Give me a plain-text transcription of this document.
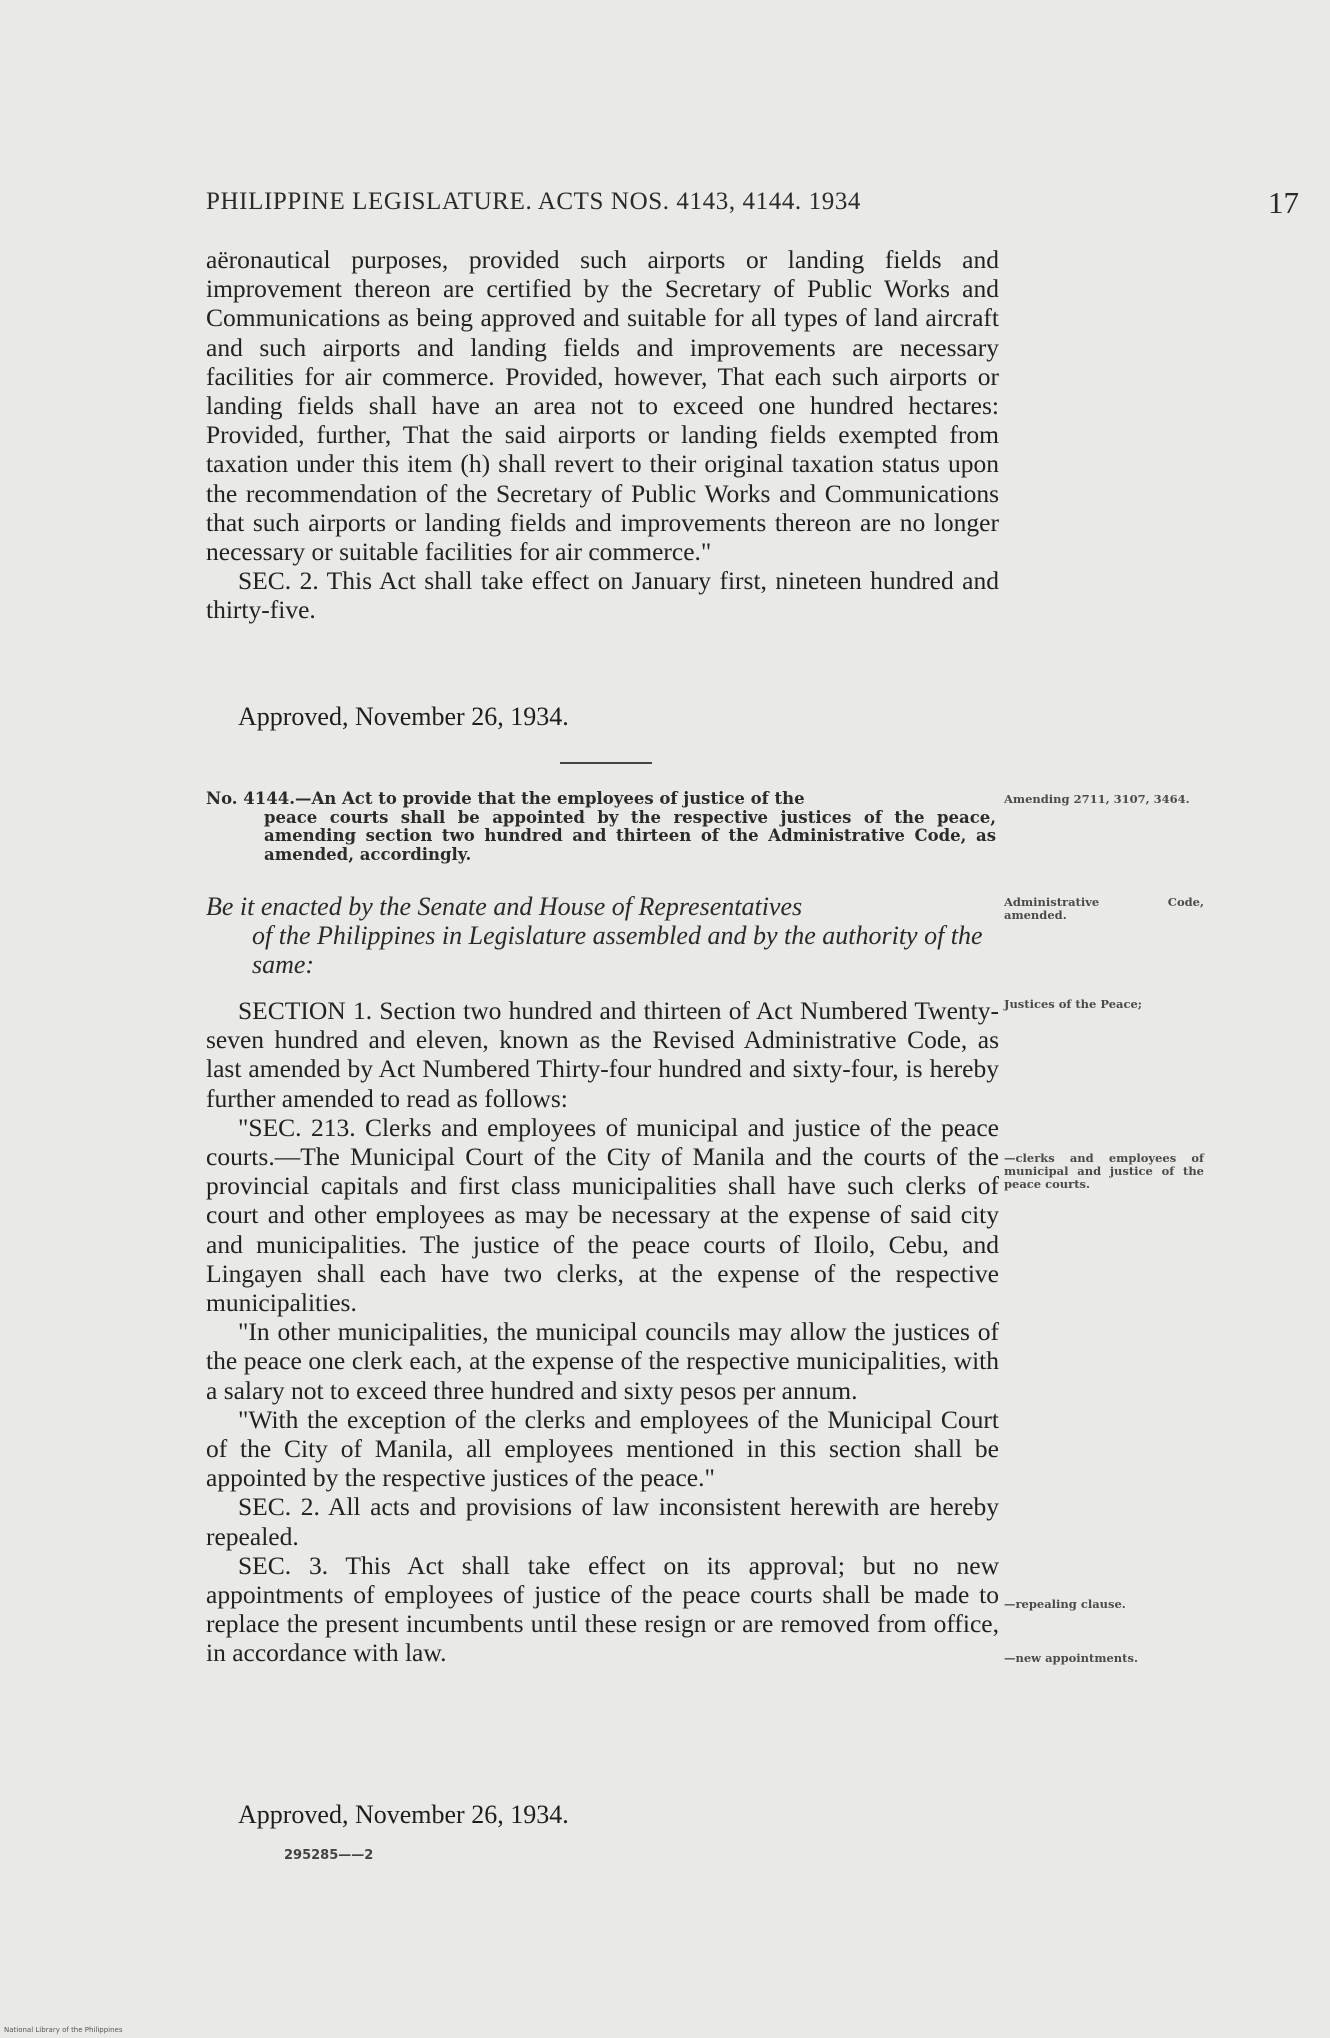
PHILIPPINE LEGISLATURE. ACTS NOS. 4143, 4144. 1934	17

aëronautical purposes, provided such airports or landing fields and improvement thereon are certified by the Secretary of Public Works and Communications as being approved and suitable for all types of land aircraft and such airports and landing fields and improvements are necessary facilities for air commerce. Provided, however, That each such airports or landing fields shall have an area not to exceed one hundred hectares: Provided, further, That the said airports or landing fields exempted from taxation under this item (h) shall revert to their original taxation status upon the recommendation of the Secretary of Public Works and Communications that such airports or landing fields and improvements thereon are no longer necessary or suitable facilities for air commerce."

SEC. 2. This Act shall take effect on January first, nineteen hundred and thirty-five.

Approved, November 26, 1934.
No. 4144.—An Act to provide that the employees of justice of the
peace courts shall be appointed by the respective justices of the peace, amending section two hundred and thirteen of the Administrative Code, as amended, accordingly.
Be it enacted by the Senate and House of Representatives
of the Philippines in Legislature assembled and by the authority of the same:

SECTION 1. Section two hundred and thirteen of Act Numbered Twenty-seven hundred and eleven, known as the Revised Administrative Code, as last amended by Act Numbered Thirty-four hundred and sixty-four, is hereby further amended to read as follows:

"SEC. 213. Clerks and employees of municipal and justice of the peace courts.—The Municipal Court of the City of Manila and the courts of the provincial capitals and first class municipalities shall have such clerks of court and other employees as may be necessary at the expense of said city and municipalities. The justice of the peace courts of Iloilo, Cebu, and Lingayen shall each have two clerks, at the expense of the respective municipalities.

"In other municipalities, the municipal councils may allow the justices of the peace one clerk each, at the expense of the respective municipalities, with a salary not to exceed three hundred and sixty pesos per annum.

"With the exception of the clerks and employees of the Municipal Court of the City of Manila, all employees mentioned in this section shall be appointed by the respective justices of the peace."

SEC. 2. All acts and provisions of law inconsistent herewith are hereby repealed.

SEC. 3. This Act shall take effect on its approval; but no new appointments of employees of justice of the peace courts shall be made to replace the present incumbents until these resign or are removed from office, in accordance with law.

Approved, November 26, 1934.
295285——2
Amending 2711, 3107, 3464.
Administrative Code, amended.
Justices of the Peace;
—clerks and employees of municipal and justice of the peace courts.
—repealing clause.
—new appointments.
National Library of the Philippines
